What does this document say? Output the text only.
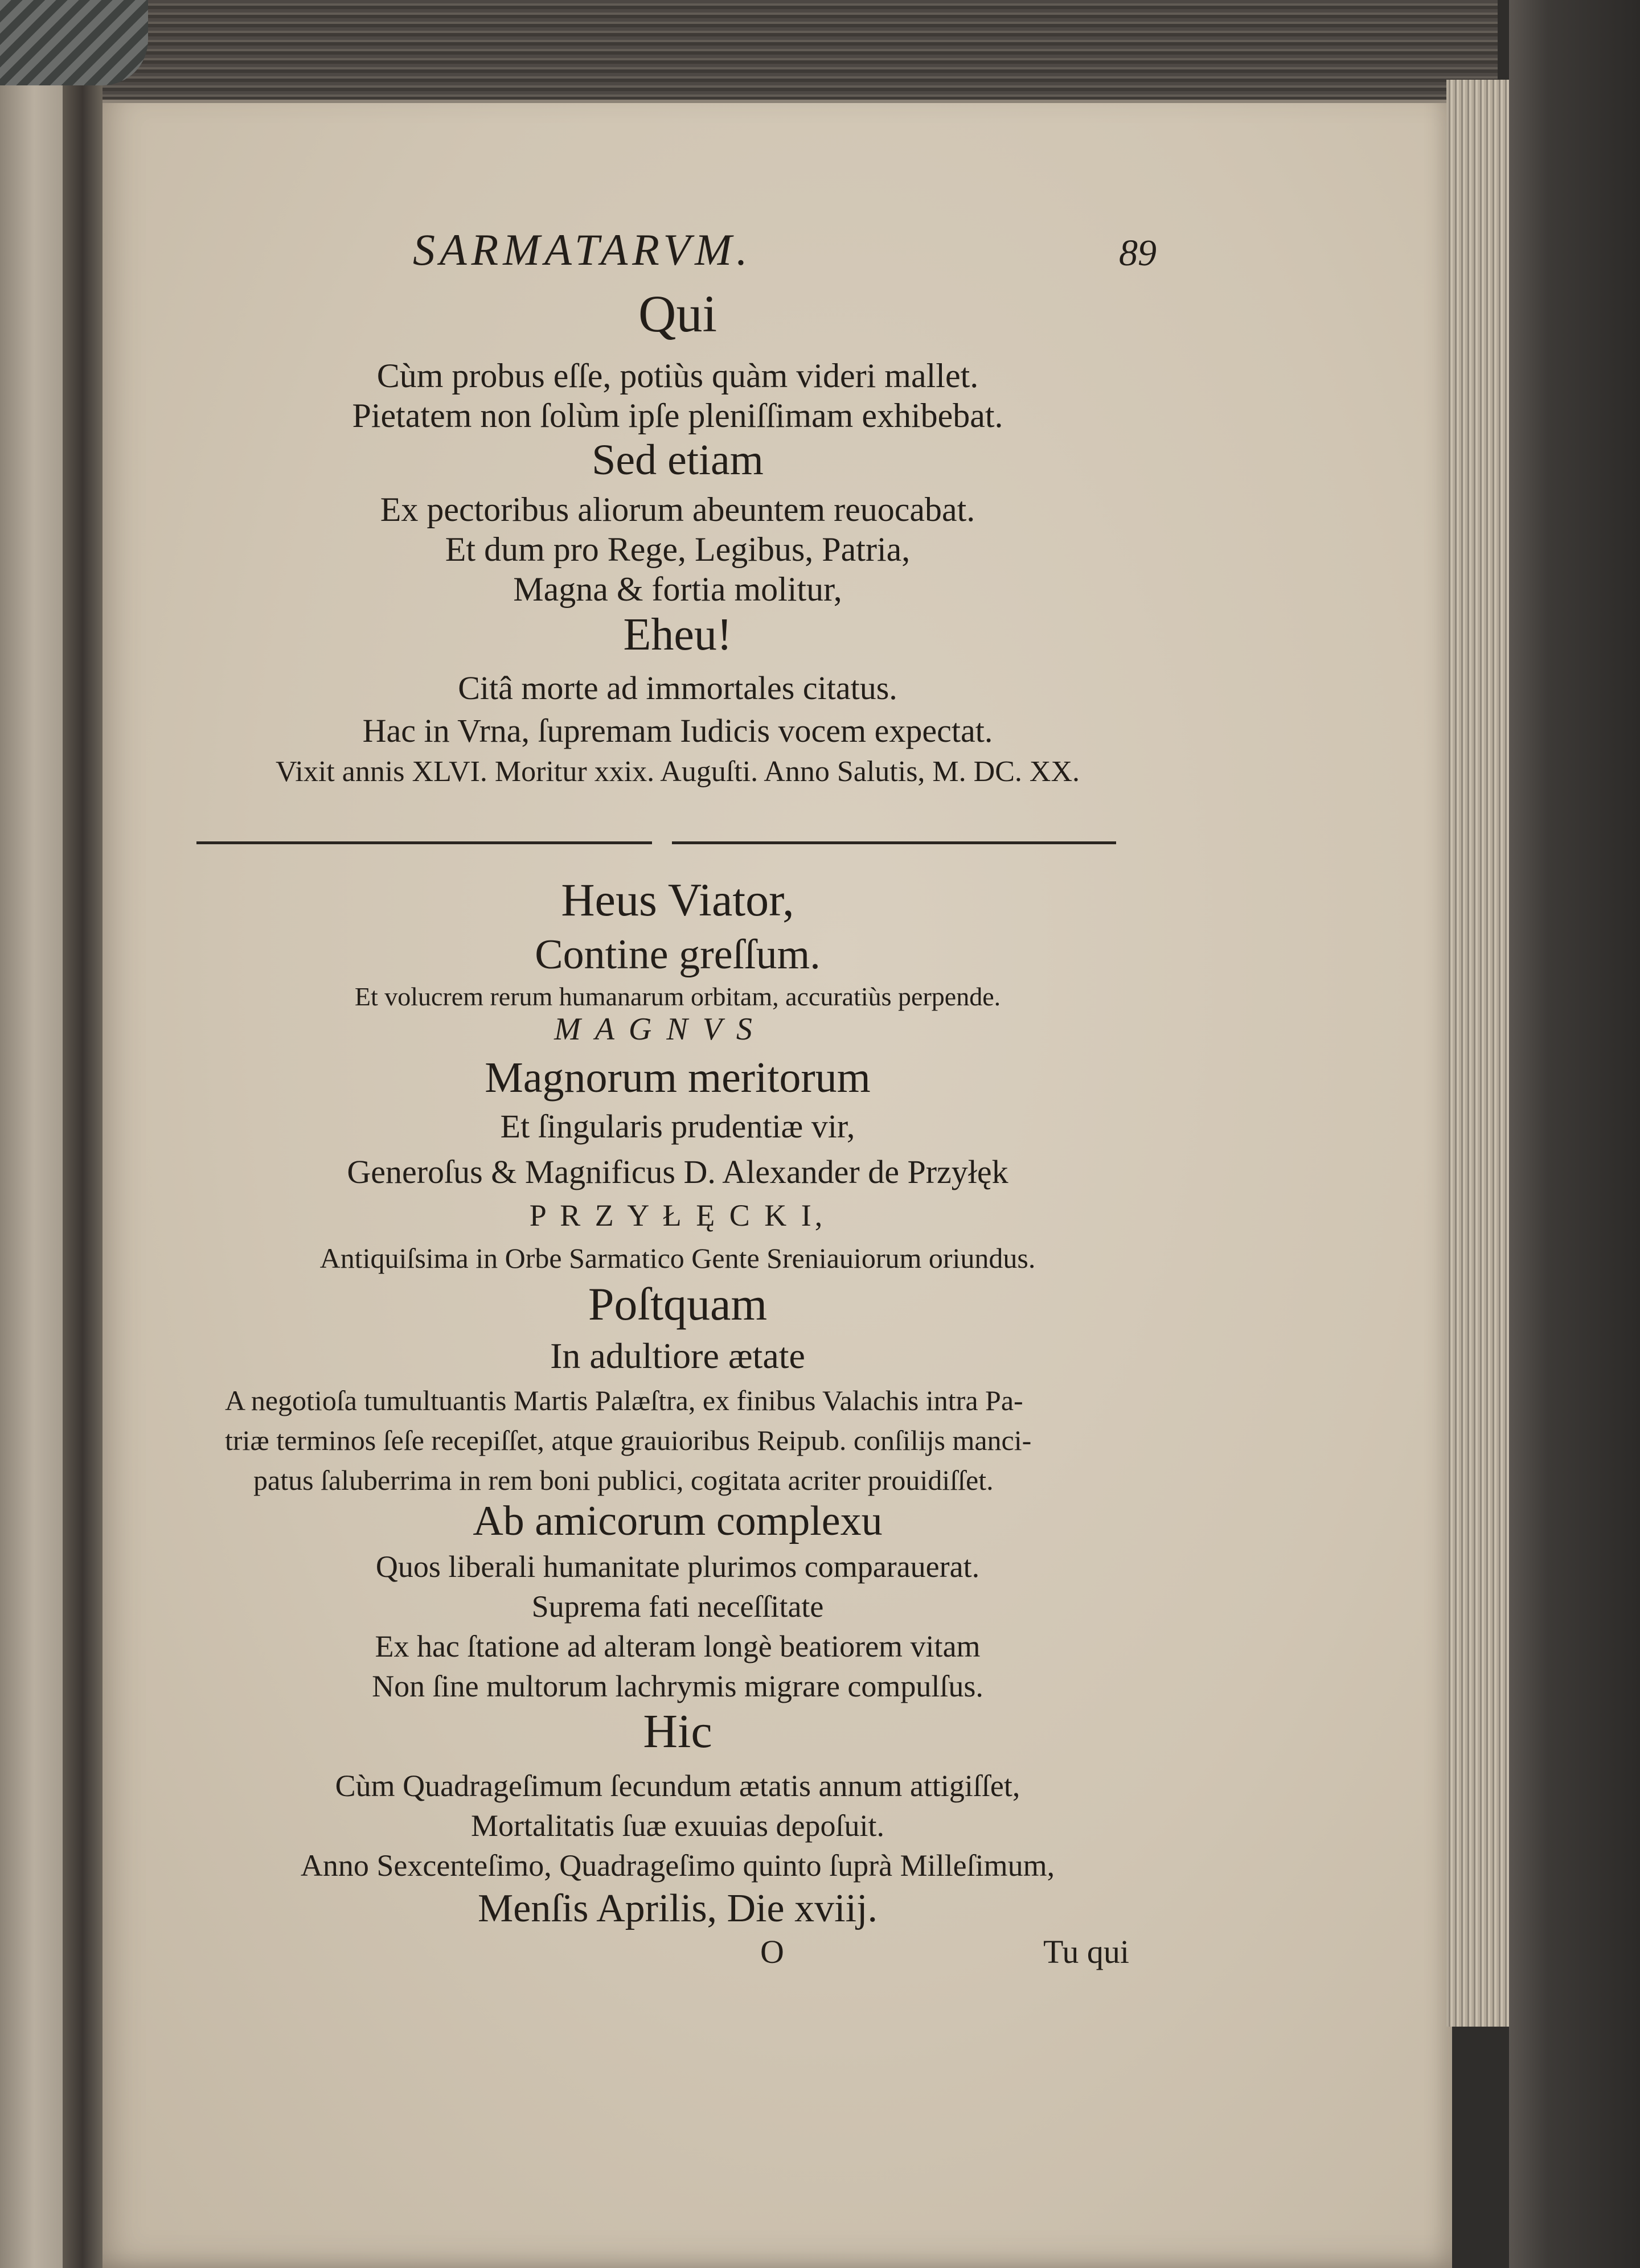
SARMATARVM.	89
Qui
Cùm probus eſſe, potiùs quàm videri mallet.
Pietatem non ſolùm ipſe pleniſſimam exhibebat.
Sed etiam
Ex pectoribus aliorum abeuntem reuocabat.
Et dum pro Rege, Legibus, Patria,
Magna & fortia molitur,
Eheu!
Citâ morte ad immortales citatus.
Hac in Vrna, ſupremam Iudicis vocem expectat.
Vixit annis XLVI. Moritur xxix. Auguſti. Anno Salutis, M. DC. XX.
Heus Viator,
Contine greſſum.
Et volucrem rerum humanarum orbitam, accuratiùs perpende.
M A G N V S
Magnorum meritorum
Et ſingularis prudentiæ vir,
Generoſus & Magnificus D. Alexander de Przyłęk
P R Z Y Ł Ę C K I,
Antiquiſsima in Orbe Sarmatico Gente Sreniauiorum oriundus.
Poſtquam
In adultiore ætate
A negotioſa tumultuantis Martis Palæſtra, ex finibus Valachis intra Pa-
triæ terminos ſeſe recepiſſet, atque grauioribus Reipub. conſilijs manci-
patus ſaluberrima in rem boni publici, cogitata acriter prouidiſſet.
Ab amicorum complexu
Quos liberali humanitate plurimos comparauerat.
Suprema fati neceſſitate
Ex hac ſtatione ad alteram longè beatiorem vitam
Non ſine multorum lachrymis migrare compulſus.
Hic
Cùm Quadrageſimum ſecundum ætatis annum attigiſſet,
Mortalitatis ſuæ exuuias depoſuit.
Anno Sexcenteſimo, Quadrageſimo quinto ſuprà Milleſimum,
Menſis Aprilis, Die xviij.
O	Tu qui
